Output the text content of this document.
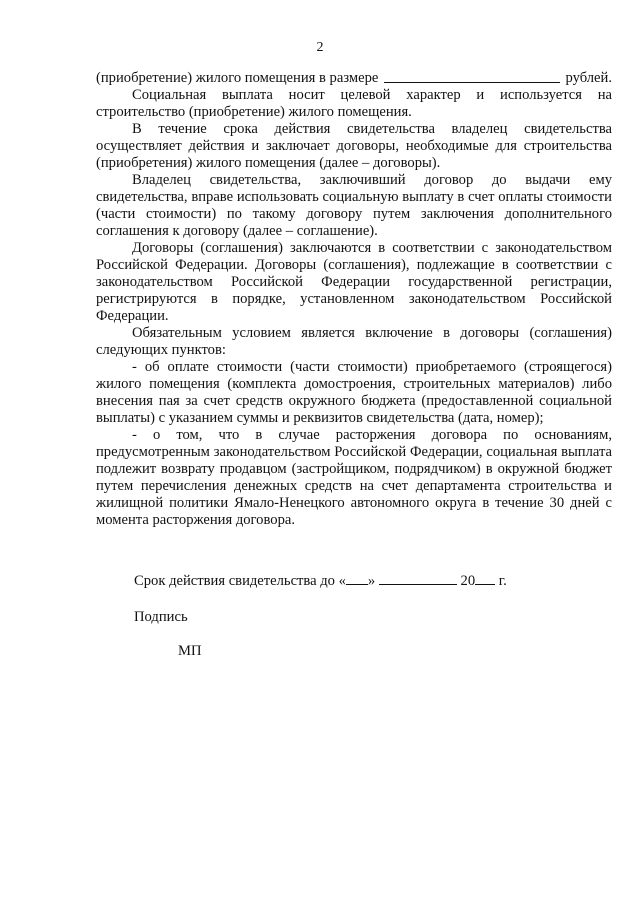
2
(приобретение) жилого помещения в размере	рублей.

Социальная выплата носит целевой характер и используется на строительство (приобретение) жилого помещения.

В течение срока действия свидетельства владелец свидетельства осуществляет действия и заключает договоры, необходимые для строительства (приобретения) жилого помещения (далее – договоры).

Владелец свидетельства, заключивший договор до выдачи ему свидетельства, вправе использовать социальную выплату в счет оплаты стоимости (части стоимости) по такому договору путем заключения дополнительного соглашения к договору (далее – соглашение).

Договоры (соглашения) заключаются в соответствии с законодательством Российской Федерации. Договоры (соглашения), подлежащие в соответствии с законодательством Российской Федерации государственной регистрации, регистрируются в порядке, установленном законодательством Российской Федерации.

Обязательным условием является включение в договоры (соглашения) следующих пунктов:

- об оплате стоимости (части стоимости) приобретаемого (строящегося) жилого помещения (комплекта домостроения, строительных материалов) либо внесения пая за счет средств окружного бюджета (предоставленной социальной выплаты) с указанием суммы и реквизитов свидетельства (дата, номер);

- о том, что в случае расторжения договора по основаниям, предусмотренным законодательством Российской Федерации, социальная выплата подлежит возврату продавцом (застройщиком, подрядчиком) в окружной бюджет путем перечисления денежных средств на счет департамента строительства и жилищной политики Ямало-Ненецкого автономного округа в течение 30 дней с момента расторжения договора.

Срок действия свидетельства до « »	20 г.
Подпись
МП
